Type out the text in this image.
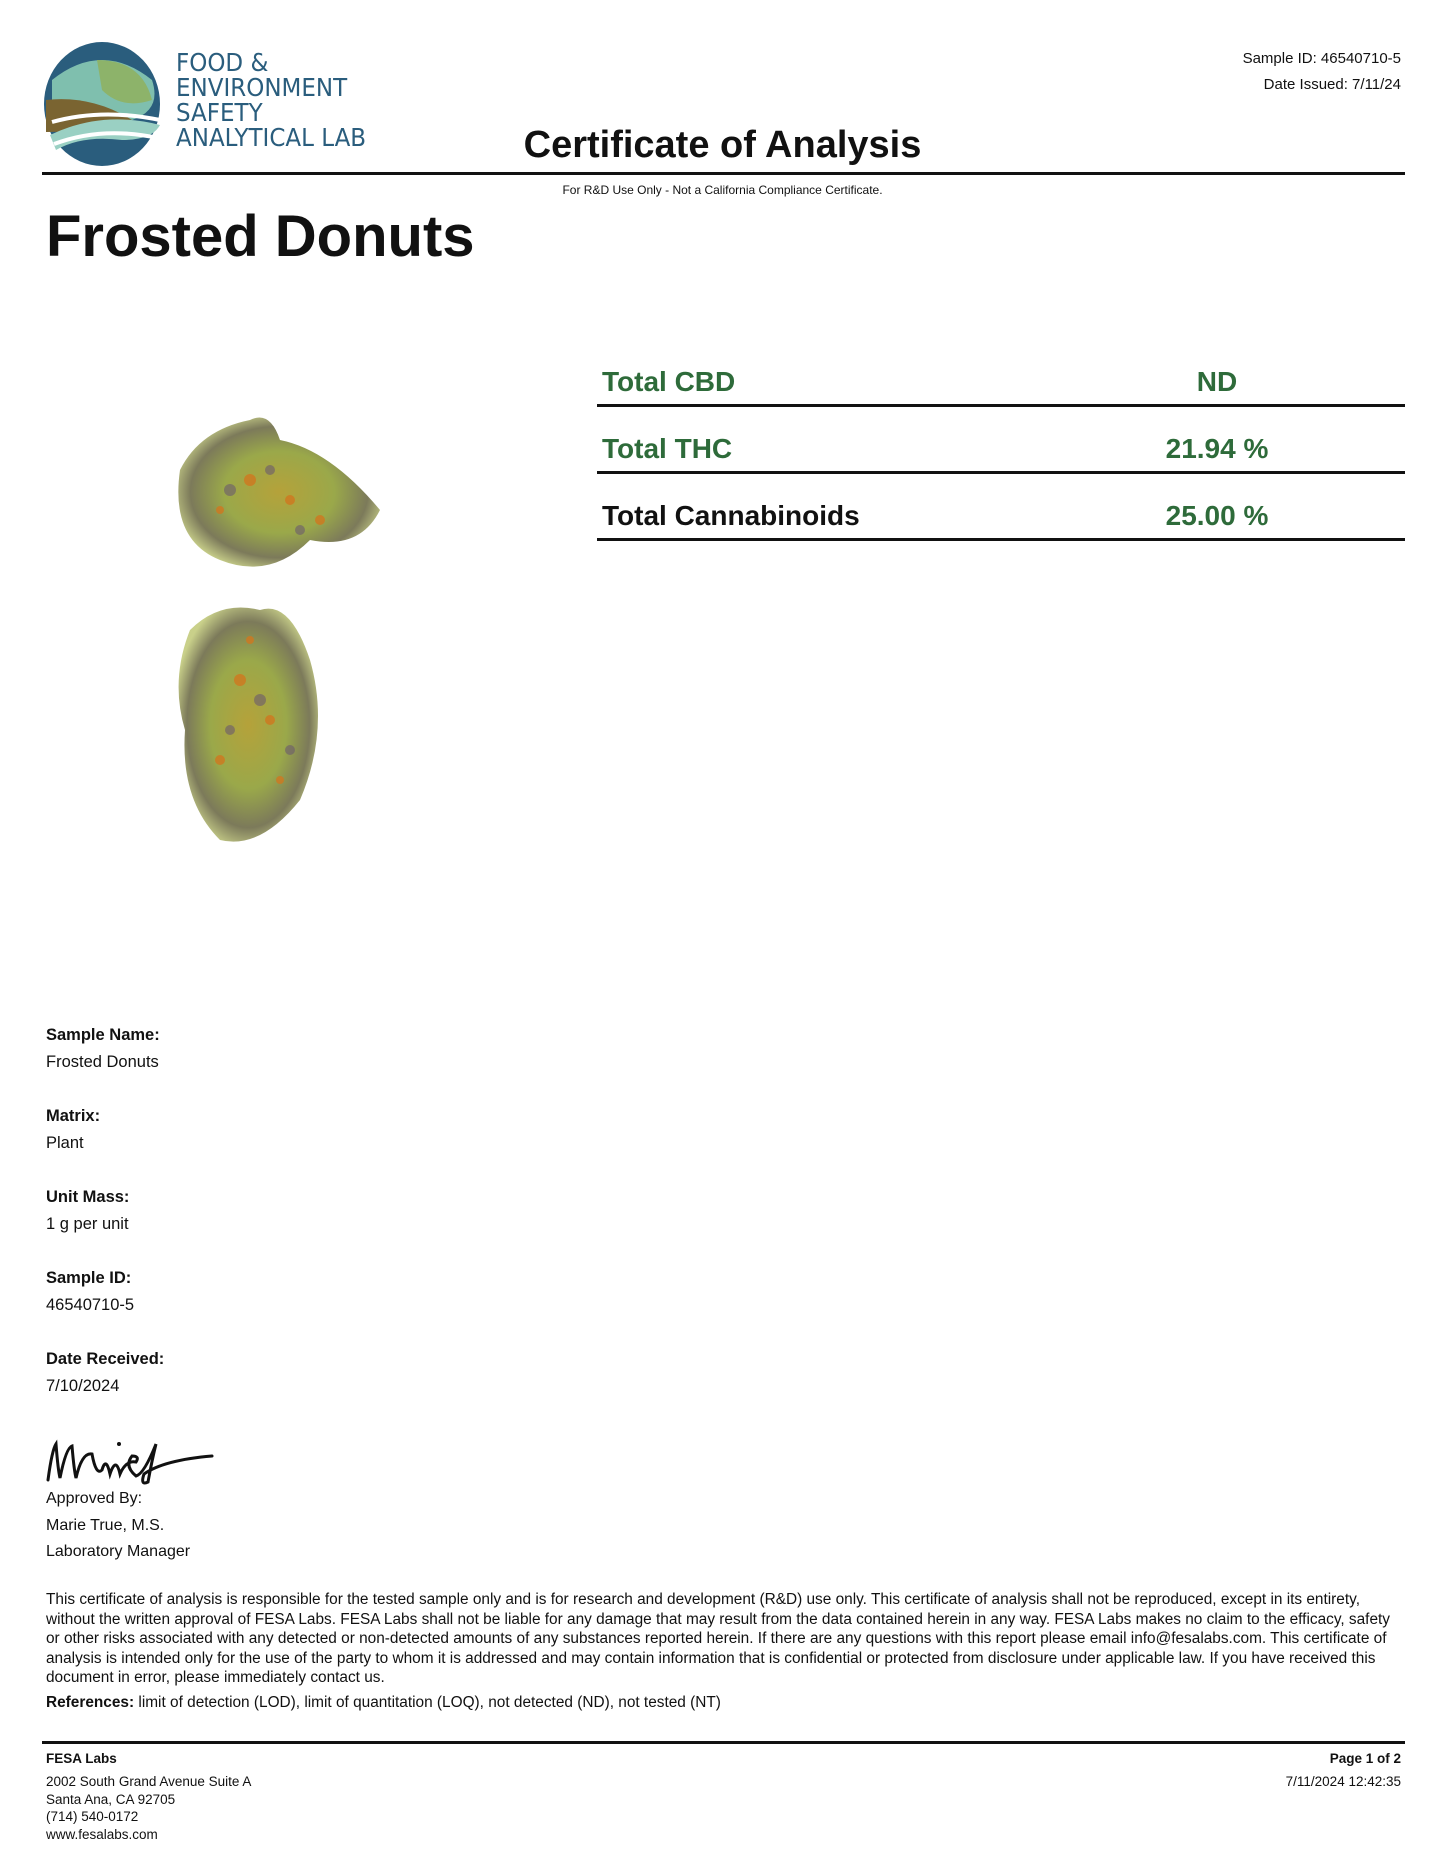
FOOD &
ENVIRONMENT
SAFETY
ANALYTICAL LAB
Sample ID: 46540710-5
Date Issued: 7/11/24
Certificate of Analysis
For R&D Use Only - Not a California Compliance Certificate.
Frosted Donuts
Total CBD	ND
Total THC	21.94 %
Total Cannabinoids	25.00 %
Sample Name:
Frosted Donuts
Matrix:
Plant
Unit Mass:
1 g per unit
Sample ID:
46540710-5
Date Received:
7/10/2024
Approved By:
Marie True, M.S.
Laboratory Manager
This certificate of analysis is responsible for the tested sample only and is for research and development (R&D) use only. This certificate of analysis shall not be reproduced, except in its entirety, without the written approval of FESA Labs. FESA Labs shall not be liable for any damage that may result from the data contained herein in any way. FESA Labs makes no claim to the efficacy, safety or other risks associated with any detected or non-detected amounts of any substances reported herein. If there are any questions with this report please email info@fesalabs.com. This certificate of analysis is intended only for the use of the party to whom it is addressed and may contain information that is confidential or protected from disclosure under applicable law. If you have received this document in error, please immediately contact us.
References: limit of detection (LOD), limit of quantitation (LOQ), not detected (ND), not tested (NT)
FESA Labs
2002 South Grand Avenue Suite A
Santa Ana, CA 92705
(714) 540-0172
www.fesalabs.com
Page 1 of 2
7/11/2024 12:42:35
